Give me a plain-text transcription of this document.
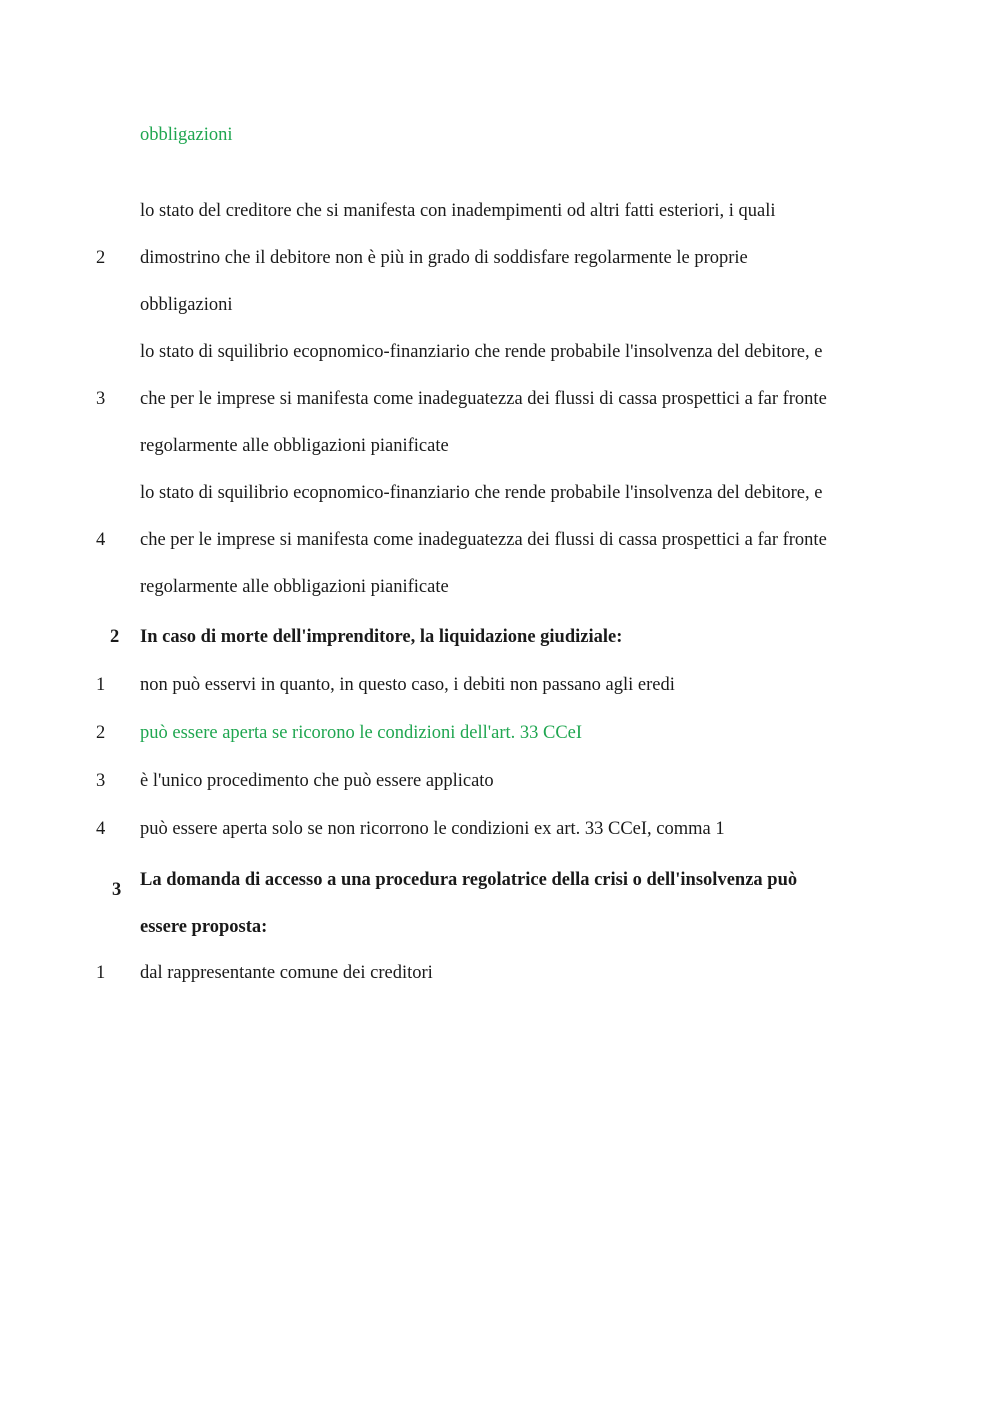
obbligazioni
2
lo stato del creditore che si manifesta con inadempimenti od altri fatti esteriori, i quali
dimostrino che il debitore non è più in grado di soddisfare regolarmente le proprie
obbligazioni
3
lo stato di squilibrio ecopnomico-finanziario che rende probabile l'insolvenza del debitore, e
che per le imprese si manifesta come inadeguatezza dei flussi di cassa prospettici a far fronte
regolarmente alle obbligazioni pianificate
4
lo stato di squilibrio ecopnomico-finanziario che rende probabile l'insolvenza del debitore, e
che per le imprese si manifesta come inadeguatezza dei flussi di cassa prospettici a far fronte
regolarmente alle obbligazioni pianificate
2	In caso di morte dell'imprenditore, la liquidazione giudiziale:
1	non può esservi in quanto, in questo caso, i debiti non passano agli eredi
2	può essere aperta se ricorono le condizioni dell'art. 33 CCeI
3	è l'unico procedimento che può essere applicato
4	può essere aperta solo se non ricorrono le condizioni ex art. 33 CCeI, comma 1
3	La domanda di accesso a una procedura regolatrice della crisi o dell'insolvenza può
essere proposta:
1	dal rappresentante comune dei creditori
